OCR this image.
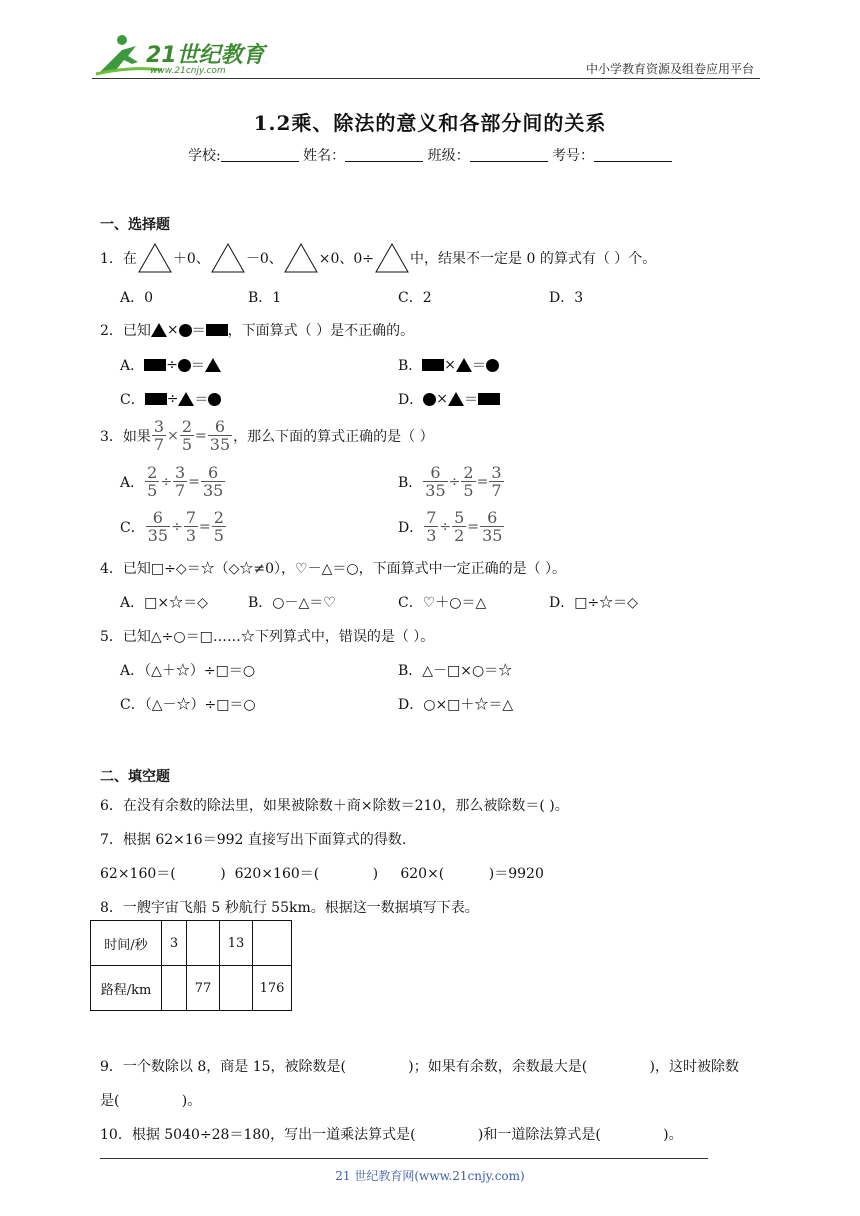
21世纪教育
www.21cnjy.com	中小学教育资源及组卷应用平台
1.2乘、除法的意义和各部分间的关系
学校:	姓名：	班级：	考号：
一、选择题
1．在	＋0、	－0、	×0、0÷	中，结果不一定是 0 的算式有（ ）个。
A．0	B．1	C．2	D．3
2．已知 × ＝ ，下面算式（ ）是不正确的。
A． ÷ ＝	B． × ＝
C． ÷ ＝	D． × ＝
3．如果 $\frac{3}{7} \times \frac{2}{5} = \frac{6}{35}$ ，那么下面的算式正确的是（ ）
A． $\frac{2}{5} \div \frac{3}{7} = \frac{6}{35}$	B． $\frac{6}{35} \div \frac{2}{5} = \frac{3}{7}$
C． $\frac{6}{35} \div \frac{7}{3} = \frac{2}{5}$	D． $\frac{7}{3} \div \frac{5}{2} = \frac{6}{35}$
4．已知□÷◇＝☆（◇☆≠0），♡－△＝○，下面算式中一定正确的是（ ）。
A．□×☆＝◇	B．○－△＝♡	C．♡＋○＝△	D．□÷☆＝◇
5．已知△÷○＝□……☆下列算式中，错误的是（ ）。
A．（△＋☆）÷□＝○	B．△－□×○＝☆
C．（△－☆）÷□＝○	D．○×□＋☆＝△
二、填空题
6．在没有余数的除法里，如果被除数＋商×除数＝210，那么被除数＝( )。
7．根据 62×16＝992 直接写出下面算式的得数.
62×160＝(          )  620×160＝(            )     620×(          )＝9920
8．一艘宇宙飞船 5 秒航行 55km。根据这一数据填写下表。
时间/秒	3		13	
路程/km		77		176
9．一个数除以 8，商是 15，被除数是(              )；如果有余数，余数最大是(              )，这时被除数
是(              )。
10．根据 5040÷28＝180，写出一道乘法算式是(              )和一道除法算式是(              )。
21 世纪教育网(www.21cnjy.com)
